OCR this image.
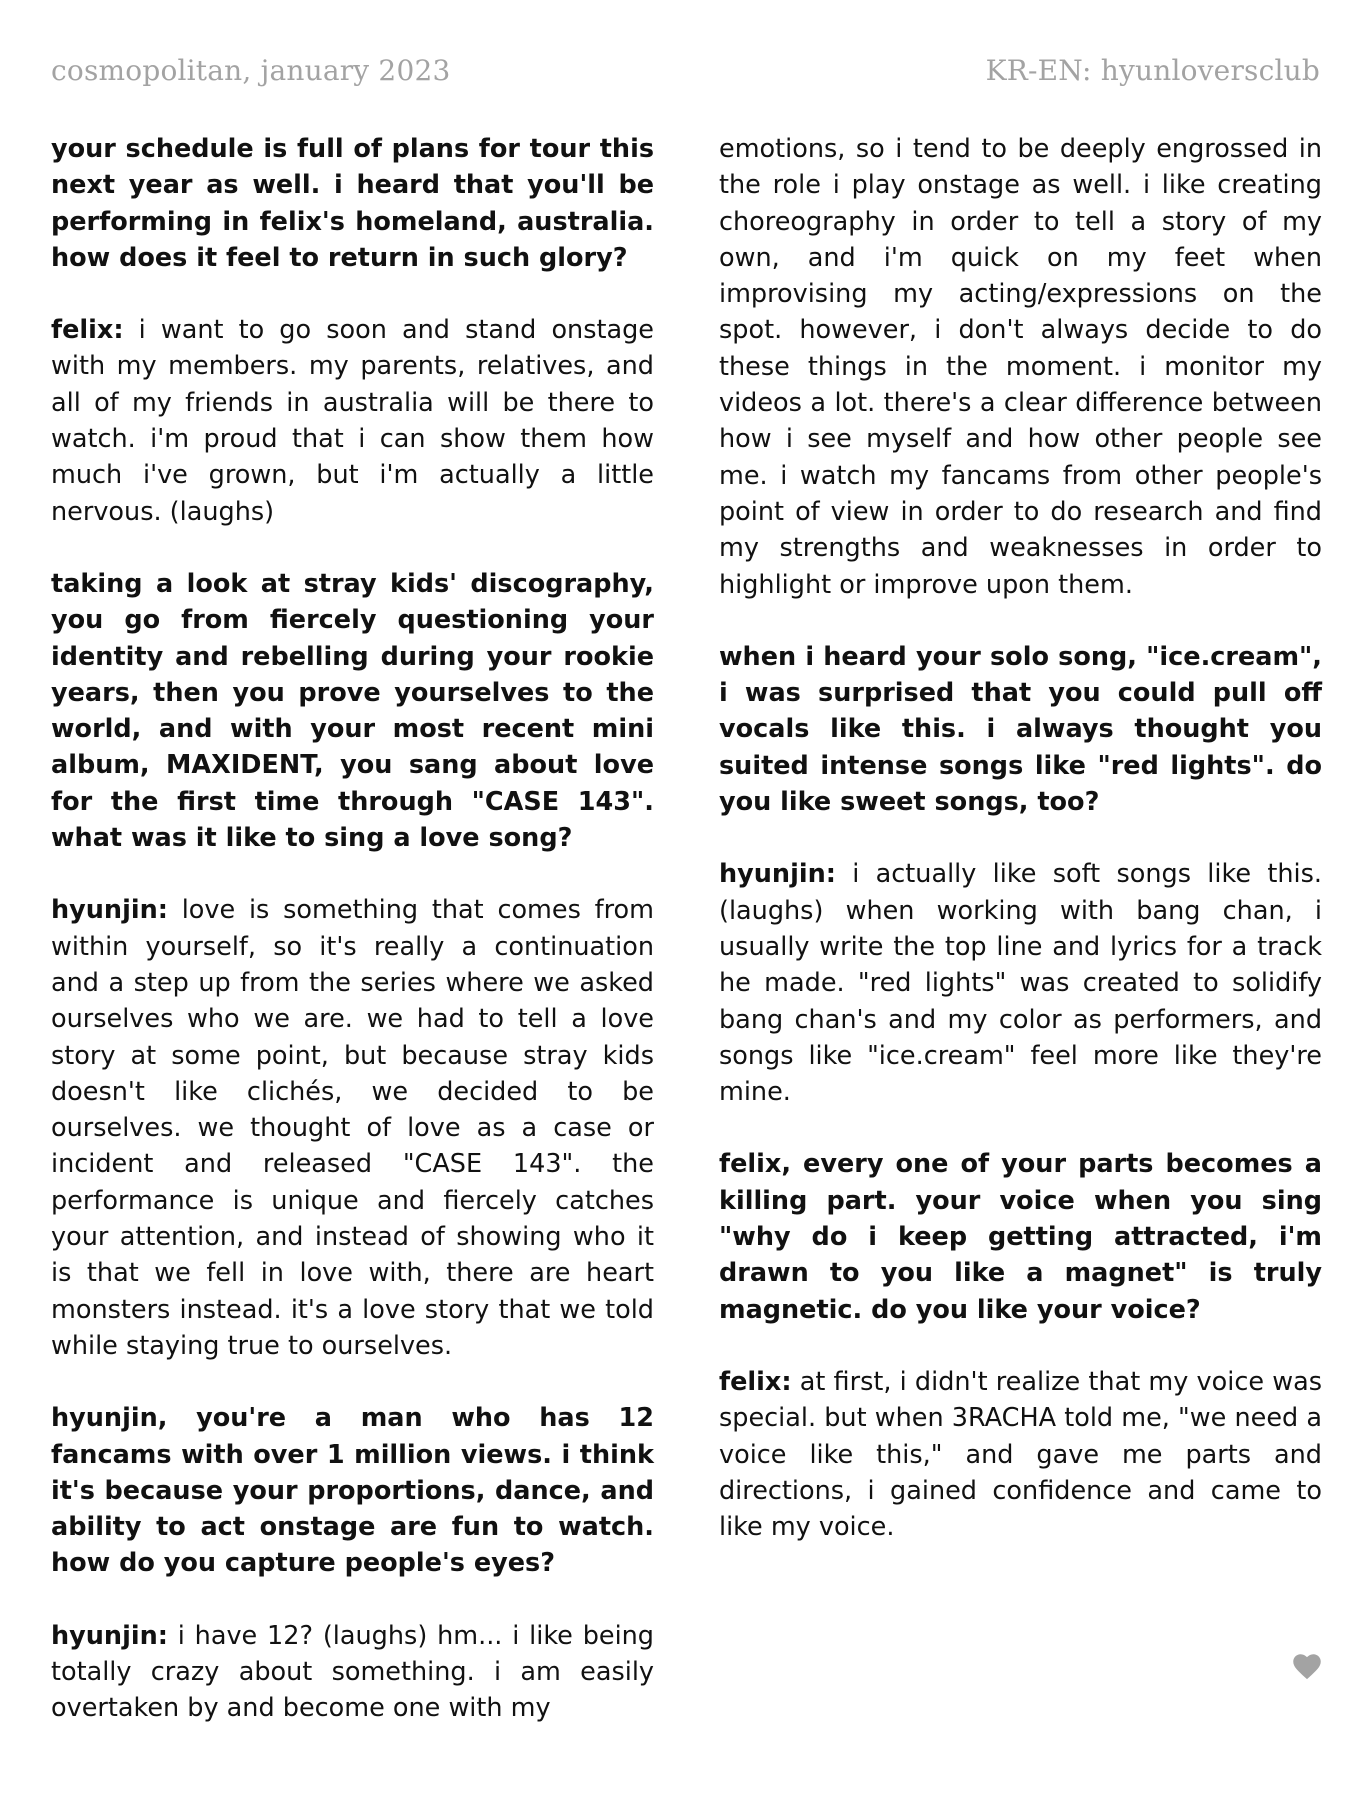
cosmopolitan, january 2023	KR-EN: hyunloversclub

your schedule is full of plans for tour this next year as well. i heard that you'll be performing in felix's homeland, australia. how does it feel to return in such glory?

felix: i want to go soon and stand onstage with my members. my parents, relatives, and all of my friends in australia will be there to watch. i'm proud that i can show them how much i've grown, but i'm actually a little nervous. (laughs)

taking a look at stray kids' discography, you go from fiercely questioning your identity and rebelling during your rookie years, then you prove yourselves to the world, and with your most recent mini album, MAXIDENT, you sang about love for the first time through "CASE 143". what was it like to sing a love song?

hyunjin: love is something that comes from within yourself, so it's really a continuation and a step up from the series where we asked ourselves who we are. we had to tell a love story at some point, but because stray kids doesn't like clichés, we decided to be ourselves. we thought of love as a case or incident and released "CASE 143". the performance is unique and fiercely catches your attention, and instead of showing who it is that we fell in love with, there are heart monsters instead. it's a love story that we told while staying true to ourselves.

hyunjin, you're a man who has 12 fancams with over 1 million views. i think it's because your proportions, dance, and ability to act onstage are fun to watch. how do you capture people's eyes?

hyunjin: i have 12? (laughs) hm... i like being totally crazy about something. i am easily overtaken by and become one with my

emotions, so i tend to be deeply engrossed in the role i play onstage as well. i like creating choreography in order to tell a story of my own, and i'm quick on my feet when improvising my acting/expressions on the spot. however, i don't always decide to do these things in the moment. i monitor my videos a lot. there's a clear difference between how i see myself and how other people see me. i watch my fancams from other people's point of view in order to do research and find my strengths and weaknesses in order to highlight or improve upon them.

when i heard your solo song, "ice.cream", i was surprised that you could pull off vocals like this. i always thought you suited intense songs like "red lights". do you like sweet songs, too?

hyunjin: i actually like soft songs like this. (laughs) when working with bang chan, i usually write the top line and lyrics for a track he made. "red lights" was created to solidify bang chan's and my color as performers, and songs like "ice.cream" feel more like they're mine.

felix, every one of your parts becomes a killing part. your voice when you sing "why do i keep getting attracted, i'm drawn to you like a magnet" is truly magnetic. do you like your voice?

felix: at first, i didn't realize that my voice was special. but when 3RACHA told me, "we need a voice like this," and gave me parts and directions, i gained confidence and came to like my voice.
